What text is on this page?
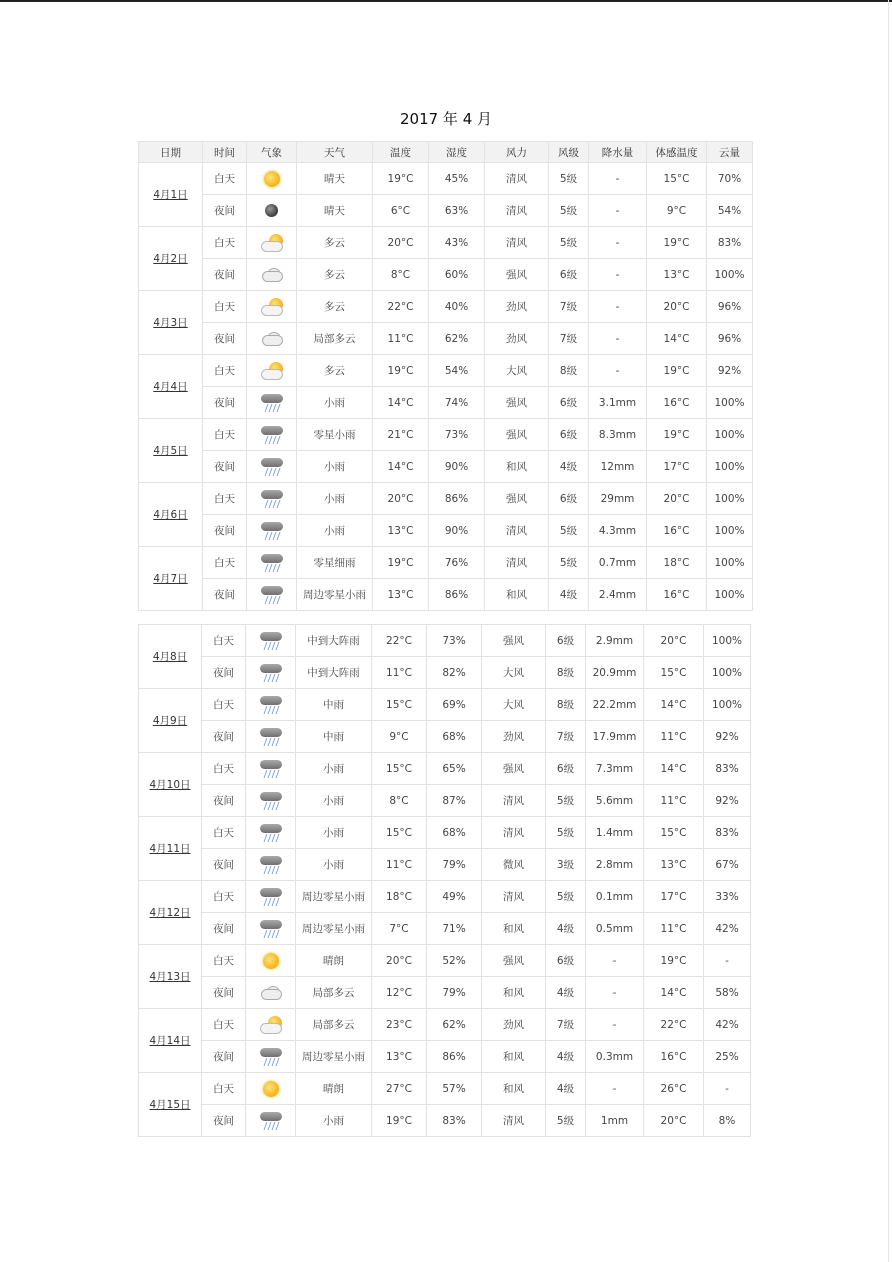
2017 年 4 月
日期	时间	气象	天气	温度	湿度	风力	风级	降水量	体感温度	云量
4月1日	白天		晴天	19°C	45%	清风	5级	-	15°C	70%
	夜间		晴天	6°C	63%	清风	5级	-	9°C	54%
4月2日	白天		多云	20°C	43%	清风	5级	-	19°C	83%
	夜间		多云	8°C	60%	强风	6级	-	13°C	100%
4月3日	白天		多云	22°C	40%	劲风	7级	-	20°C	96%
	夜间		局部多云	11°C	62%	劲风	7级	-	14°C	96%
4月4日	白天		多云	19°C	54%	大风	8级	-	19°C	92%
	夜间		小雨	14°C	74%	强风	6级	3.1mm	16°C	100%
4月5日	白天		零星小雨	21°C	73%	强风	6级	8.3mm	19°C	100%
	夜间		小雨	14°C	90%	和风	4级	12mm	17°C	100%
4月6日	白天		小雨	20°C	86%	强风	6级	29mm	20°C	100%
	夜间		小雨	13°C	90%	清风	5级	4.3mm	16°C	100%
4月7日	白天		零星细雨	19°C	76%	清风	5级	0.7mm	18°C	100%
	夜间		周边零星小雨	13°C	86%	和风	4级	2.4mm	16°C	100%
4月8日	白天		中到大阵雨	22°C	73%	强风	6级	2.9mm	20°C	100%
	夜间		中到大阵雨	11°C	82%	大风	8级	20.9mm	15°C	100%
4月9日	白天		中雨	15°C	69%	大风	8级	22.2mm	14°C	100%
	夜间		中雨	9°C	68%	劲风	7级	17.9mm	11°C	92%
4月10日	白天		小雨	15°C	65%	强风	6级	7.3mm	14°C	83%
	夜间		小雨	8°C	87%	清风	5级	5.6mm	11°C	92%
4月11日	白天		小雨	15°C	68%	清风	5级	1.4mm	15°C	83%
	夜间		小雨	11°C	79%	微风	3级	2.8mm	13°C	67%
4月12日	白天		周边零星小雨	18°C	49%	清风	5级	0.1mm	17°C	33%
	夜间		周边零星小雨	7°C	71%	和风	4级	0.5mm	11°C	42%
4月13日	白天		晴朗	20°C	52%	强风	6级	-	19°C	-
	夜间		局部多云	12°C	79%	和风	4级	-	14°C	58%
4月14日	白天		局部多云	23°C	62%	劲风	7级	-	22°C	42%
	夜间		周边零星小雨	13°C	86%	和风	4级	0.3mm	16°C	25%
4月15日	白天		晴朗	27°C	57%	和风	4级	-	26°C	-
	夜间		小雨	19°C	83%	清风	5级	1mm	20°C	8%
